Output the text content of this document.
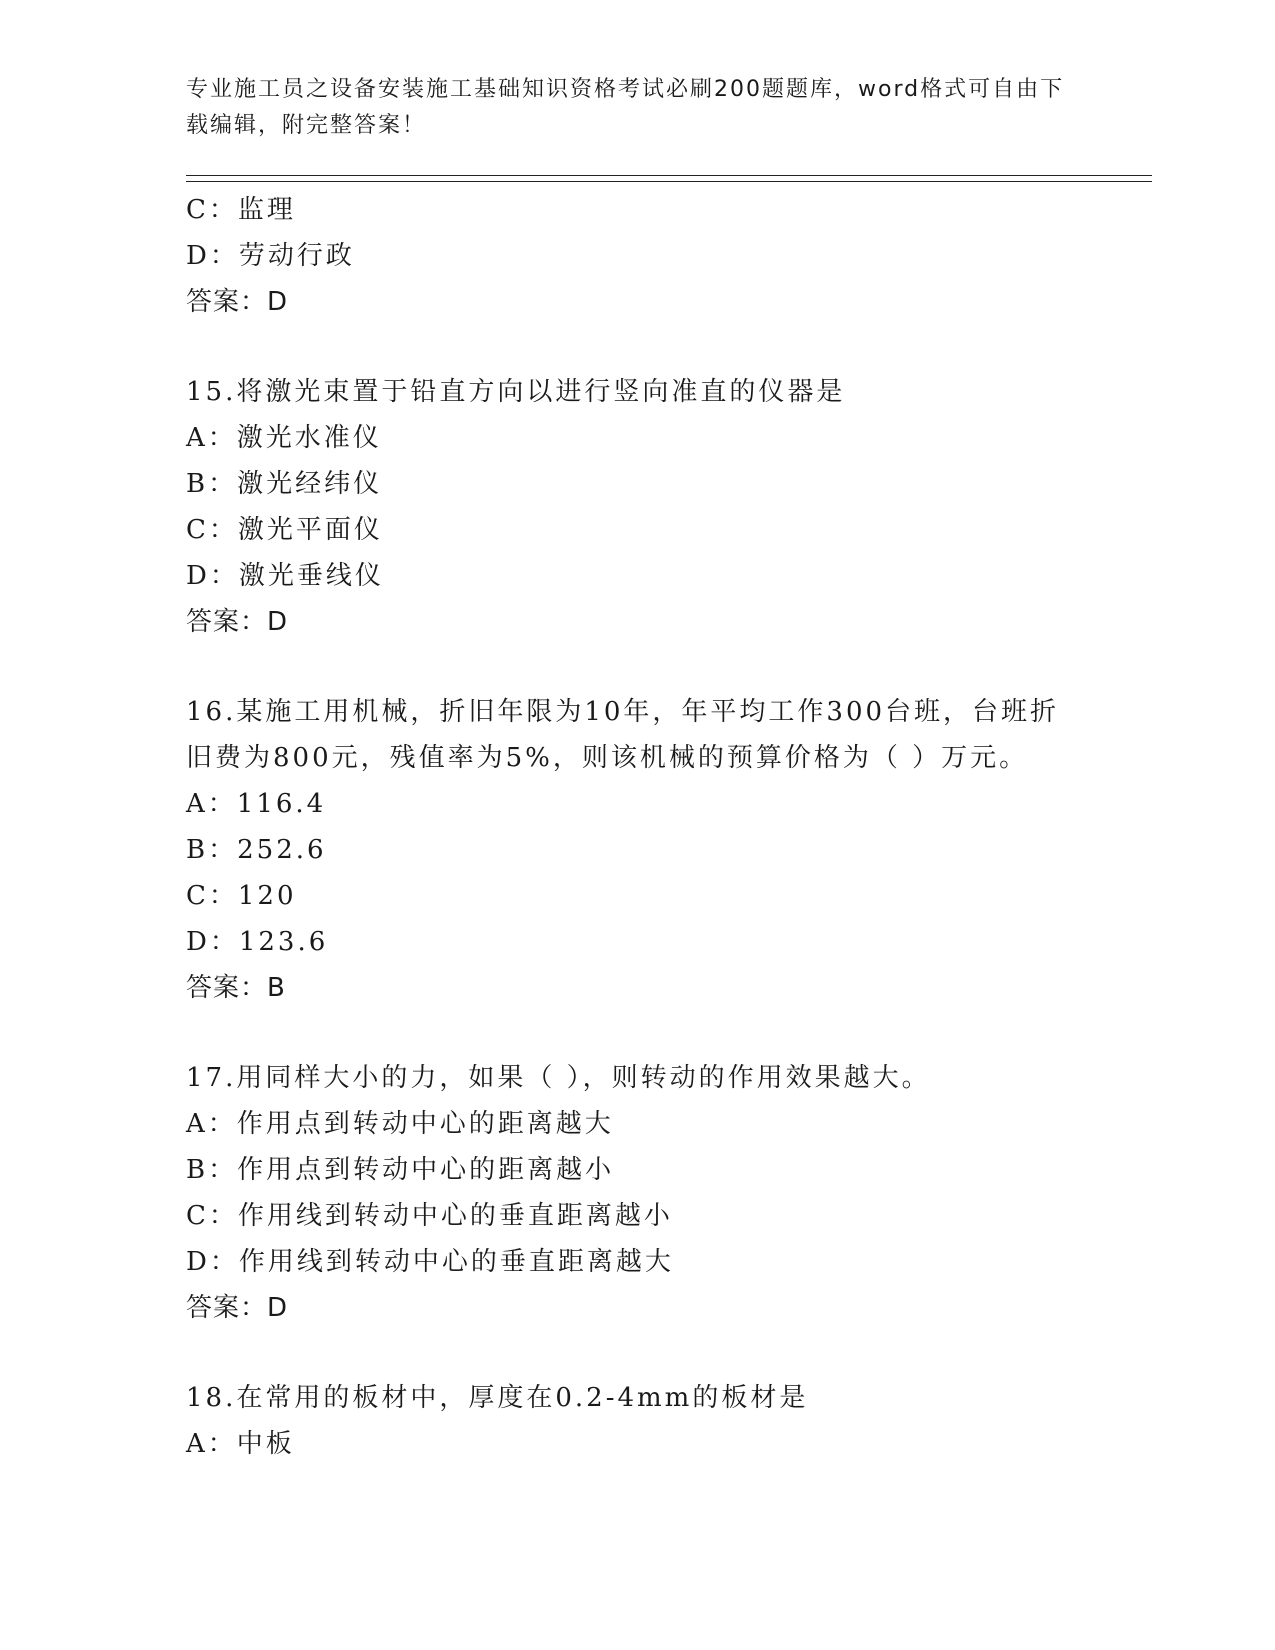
专业施工员之设备安装施工基础知识资格考试必刷200题题库，word格式可自由下载编辑，附完整答案！
C：监理
D：劳动行政
答案：D
15.将激光束置于铅直方向以进行竖向准直的仪器是
A：激光水准仪
B：激光经纬仪
C：激光平面仪
D：激光垂线仪
答案：D
16.某施工用机械，折旧年限为10年，年平均工作300台班，台班折旧费为800元，残值率为5%，则该机械的预算价格为（ ）万元。
A：116.4
B：252.6
C：120
D：123.6
答案：B
17.用同样大小的力，如果（ ），则转动的作用效果越大。
A：作用点到转动中心的距离越大
B：作用点到转动中心的距离越小
C：作用线到转动中心的垂直距离越小
D：作用线到转动中心的垂直距离越大
答案：D
18.在常用的板材中，厚度在0.2-4mm的板材是
A：中板
